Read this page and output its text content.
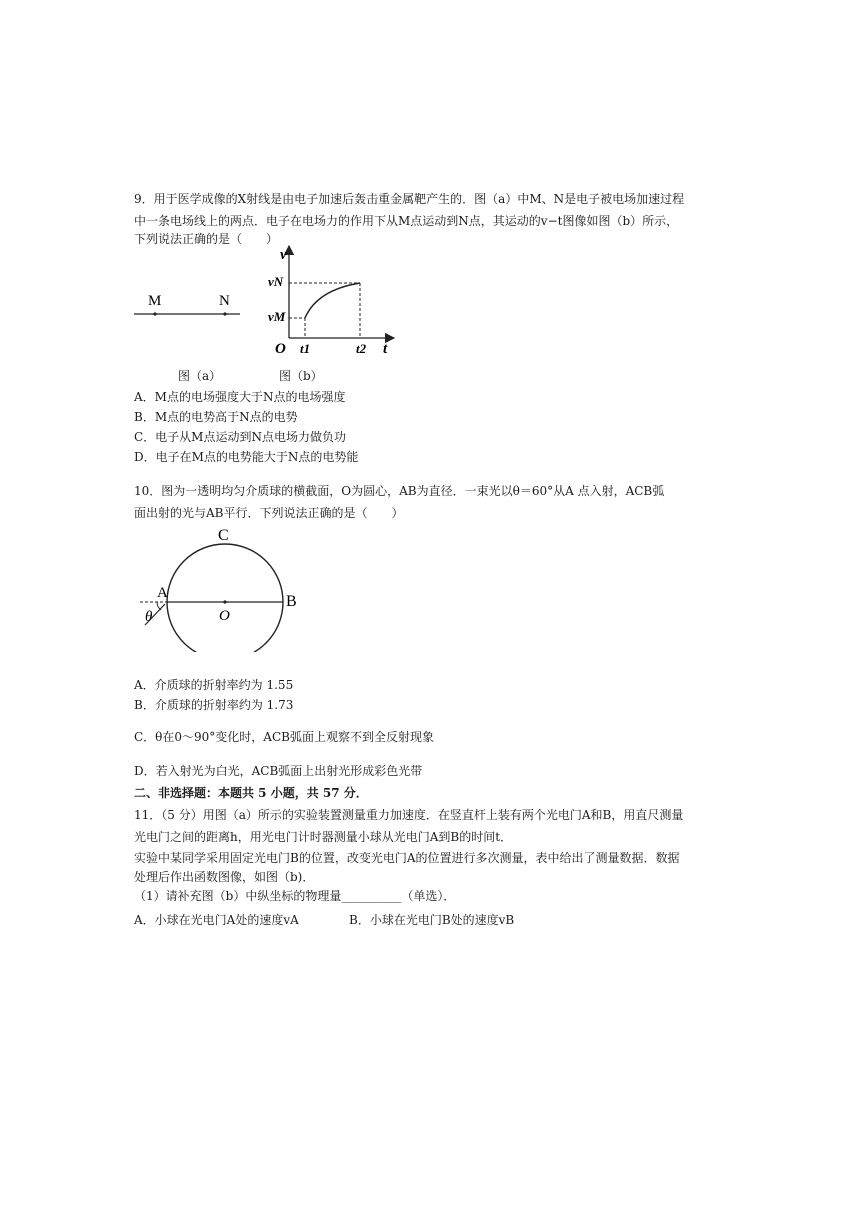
9．用于医学成像的X射线是由电子加速后轰击重金属靶产生的．图（a）中M、N是电子被电场加速过程
中一条电场线上的两点．电子在电场力的作用下从M点运动到N点，其运动的v−t图像如图（b）所示，
下列说法正确的是（　　）
M	N
图（a）
v
vN
vM
O t1	t2 t
图（b）
A．M点的电场强度大于N点的电场强度
B．M点的电势高于N点的电势
C．电子从M点运动到N点电场力做负功
D．电子在M点的电势能大于N点的电势能
10．图为一透明均匀介质球的横截面，O为圆心，AB为直径．一束光以θ＝60°从A 点入射，ACB弧
面出射的光与AB平行．下列说法正确的是（　　）
C
A
O
B
θ
A．介质球的折射率约为 1.55
B．介质球的折射率约为 1.73
C．θ在0～90°变化时，ACB弧面上观察不到全反射现象
D．若入射光为白光，ACB弧面上出射光形成彩色光带
二、非选择题：本题共 5 小题，共 57 分．
11．（5 分）用图（a）所示的实验装置测量重力加速度．在竖直杆上装有两个光电门A和B，用直尺测量
光电门之间的距离h，用光电门计时器测量小球从光电门A到B的时间t．
实验中某同学采用固定光电门B的位置，改变光电门A的位置进行多次测量，表中给出了测量数据．数据
处理后作出函数图像，如图（b)．
（1）请补充图（b）中纵坐标的物理量__________（单选）．
A．小球在光电门A处的速度vA	B．小球在光电门B处的速度vB
